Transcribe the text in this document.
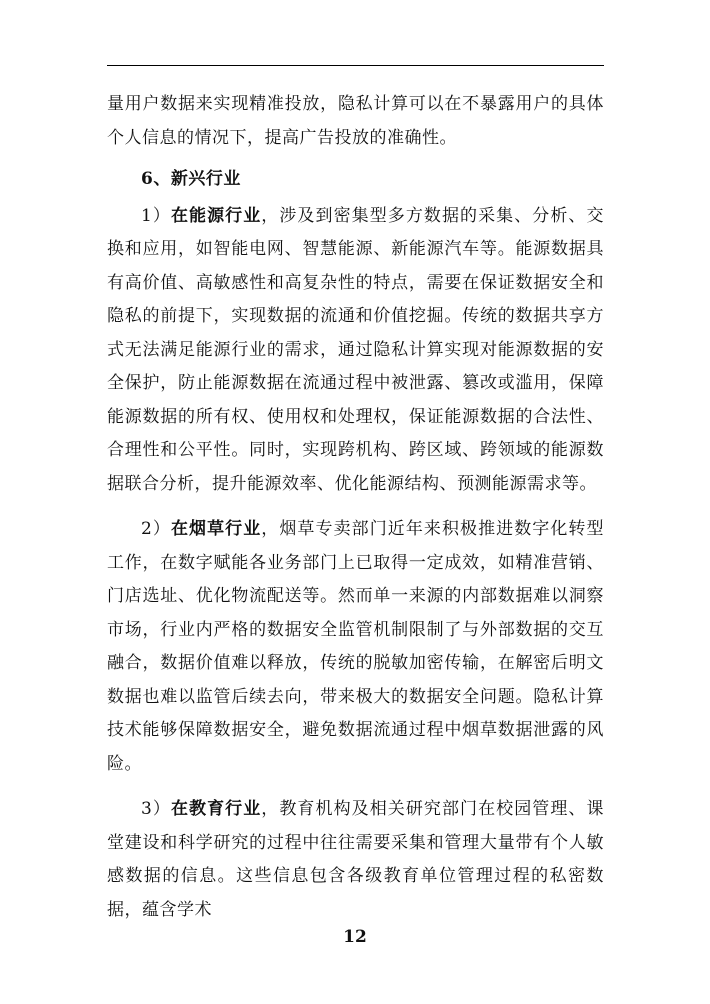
量用户数据来实现精准投放，隐私计算可以在不暴露用户的具体个人信息的情况下，提高广告投放的准确性。

6、新兴行业

1）在能源行业，涉及到密集型多方数据的采集、分析、交换和应用，如智能电网、智慧能源、新能源汽车等。能源数据具有高价值、高敏感性和高复杂性的特点，需要在保证数据安全和隐私的前提下，实现数据的流通和价值挖掘。传统的数据共享方式无法满足能源行业的需求，通过隐私计算实现对能源数据的安全保护，防止能源数据在流通过程中被泄露、篡改或滥用，保障能源数据的所有权、使用权和处理权，保证能源数据的合法性、合理性和公平性。同时，实现跨机构、跨区域、跨领域的能源数据联合分析，提升能源效率、优化能源结构、预测能源需求等。

2）在烟草行业，烟草专卖部门近年来积极推进数字化转型工作，在数字赋能各业务部门上已取得一定成效，如精准营销、门店选址、优化物流配送等。然而单一来源的内部数据难以洞察市场，行业内严格的数据安全监管机制限制了与外部数据的交互融合，数据价值难以释放，传统的脱敏加密传输，在解密后明文数据也难以监管后续去向，带来极大的数据安全问题。隐私计算技术能够保障数据安全，避免数据流通过程中烟草数据泄露的风险。

3）在教育行业，教育机构及相关研究部门在校园管理、课堂建设和科学研究的过程中往往需要采集和管理大量带有个人敏感数据的信息。这些信息包含各级教育单位管理过程的私密数据，蕴含学术

12
